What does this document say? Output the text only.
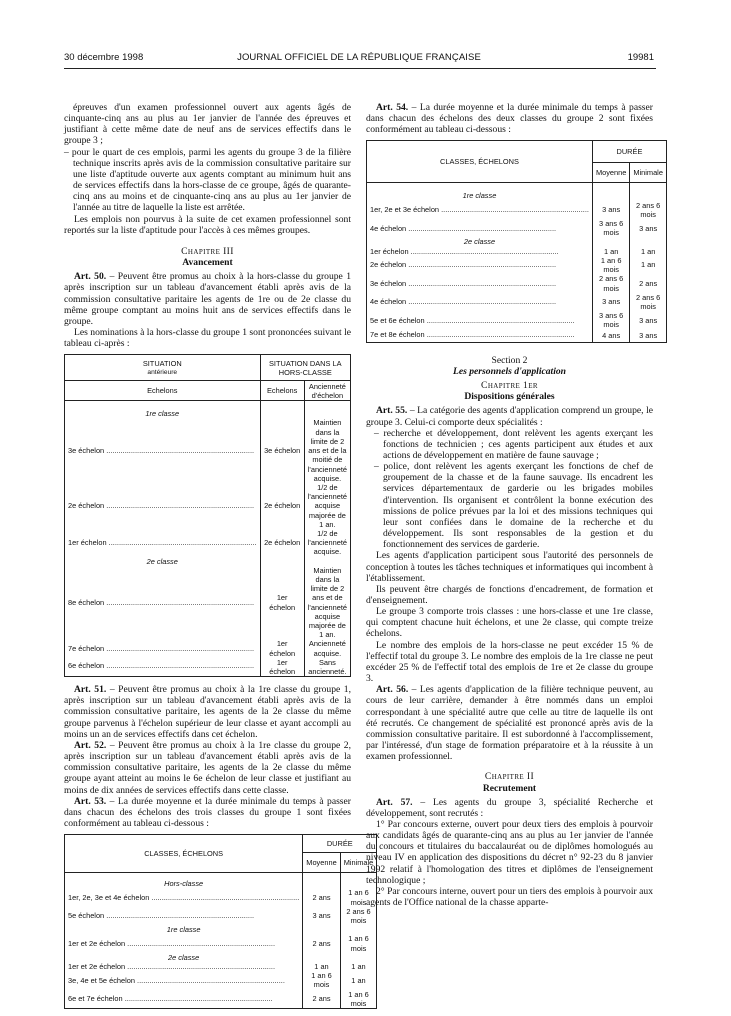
30 décembre 1998	JOURNAL OFFICIEL DE LA RÉPUBLIQUE FRANÇAISE	19981

épreuves d'un examen professionnel ouvert aux agents âgés de cinquante-cinq ans au plus au 1er janvier de l'année des épreuves et justifiant à cette même date de neuf ans de services effectifs dans le groupe 3 ;

– pour le quart de ces emplois, parmi les agents du groupe 3 de la filière technique inscrits après avis de la commission consultative paritaire sur une liste d'aptitude ouverte aux agents comptant au minimum huit ans de services effectifs dans la hors-classe de ce groupe, âgés de quarante-cinq ans au moins et de cinquante-cinq ans au plus au 1er janvier de l'année au titre de laquelle la liste est arrêtée.

Les emplois non pourvus à la suite de cet examen professionnel sont reportés sur la liste d'aptitude pour l'accès à ces mêmes groupes.

Chapitre III
Avancement

Art. 50. – Peuvent être promus au choix à la hors-classe du groupe 1 après inscription sur un tableau d'avancement établi après avis de la commission consultative paritaire les agents de 1re ou de 2e classe du même groupe comptant au moins huit ans de services effectifs dans le groupe.

Les nominations à la hors-classe du groupe 1 sont prononcées suivant le tableau ci-après :

SITUATION
antérieure	SITUATION DANS LA HORS-CLASSE	
Echelons	Echelons	Ancienneté d'échelon
1re classe		
3e échelon .....	3e échelon	Maintien dans la limite de 2 ans et de la moitié de l'ancienneté acquise.
2e échelon .....	2e échelon	1/2 de l'ancienneté acquise majorée de 1 an.
1er échelon .....	2e échelon	1/2 de l'ancienneté acquise.
2e classe		
8e échelon .....	1er échelon	Maintien dans la limite de 2 ans et de l'ancienneté acquise majorée de 1 an.
7e échelon .....	1er échelon	Ancienneté acquise.
6e échelon .....	1er échelon	Sans ancienneté.

Art. 51. – Peuvent être promus au choix à la 1re classe du groupe 1, après inscription sur un tableau d'avancement établi après avis de la commission consultative paritaire, les agents de la 2e classe du même groupe parvenus à l'échelon supérieur de leur classe et ayant accompli au moins un an de services effectifs dans cet échelon.

Art. 52. – Peuvent être promus au choix à la 1re classe du groupe 2, après inscription sur un tableau d'avancement établi après avis de la commission consultative paritaire, les agents de la 2e classe du même groupe ayant atteint au moins le 6e échelon de leur classe et justifiant au moins de dix années de services effectifs dans cette classe.

Art. 53. – La durée moyenne et la durée minimale du temps à passer dans chacun des échelons des trois classes du groupe 1 sont fixées conformément au tableau ci-dessous :

CLASSES, ÉCHELONS	DURÉE	
	Moyenne	Minimale
Hors-classe		
1er, 2e, 3e et 4e échelon .....	2 ans	1 an 6 mois
5e échelon .....	3 ans	2 ans 6 mois
1re classe		
1er et 2e échelon .....	2 ans	1 an 6 mois
2e classe		
1er et 2e échelon .....	1 an	1 an
3e, 4e et 5e échelon .....	1 an 6 mois	1 an
6e et 7e échelon .....	2 ans	1 an 6 mois

Art. 54. – La durée moyenne et la durée minimale du temps à passer dans chacun des échelons des deux classes du groupe 2 sont fixées conformément au tableau ci-dessous :

CLASSES, ÉCHELONS	DURÉE	
	Moyenne	Minimale
1re classe		
1er, 2e et 3e échelon .....	3 ans	2 ans 6 mois
4e échelon .....	3 ans 6 mois	3 ans
2e classe		
1er échelon .....	1 an	1 an
2e échelon .....	1 an 6 mois	1 an
3e échelon .....	2 ans 6 mois	2 ans
4e échelon .....	3 ans	2 ans 6 mois
5e et 6e échelon .....	3 ans 6 mois	3 ans
7e et 8e échelon .....	4 ans	3 ans
Section 2
Les personnels d'application
Chapitre 1er
Dispositions générales

Art. 55. – La catégorie des agents d'application comprend un groupe, le groupe 3. Celui-ci comporte deux spécialités :

– recherche et développement, dont relèvent les agents exerçant les fonctions de technicien ; ces agents participent aux études et aux actions de développement en matière de faune sauvage ;

– police, dont relèvent les agents exerçant les fonctions de chef de groupement de la chasse et de la faune sauvage. Ils encadrent les services départementaux de garderie ou les brigades mobiles d'intervention. Ils organisent et contrôlent la bonne exécution des missions de police prévues par la loi et des missions techniques qui leur sont confiées dans le domaine de la recherche et du développement. Ils sont responsables de la gestion et du fonctionnement des services de garderie.

Les agents d'application participent sous l'autorité des personnels de conception à toutes les tâches techniques et informatiques qui incombent à l'établissement.

Ils peuvent être chargés de fonctions d'encadrement, de formation et d'enseignement.

Le groupe 3 comporte trois classes : une hors-classe et une 1re classe, qui comptent chacune huit échelons, et une 2e classe, qui compte treize échelons.

Le nombre des emplois de la hors-classe ne peut excéder 15 % de l'effectif total du groupe 3. Le nombre des emplois de la 1re classe ne peut excéder 25 % de l'effectif total des emplois de 1re et 2e classe du groupe 3.

Art. 56. – Les agents d'application de la filière technique peuvent, au cours de leur carrière, demander à être nommés dans un emploi correspondant à une spécialité autre que celle au titre de laquelle ils ont été recrutés. Ce changement de spécialité est prononcé après avis de la commission consultative paritaire. Il est subordonné à l'accomplissement, par l'intéressé, d'un stage de formation préparatoire et à la réussite à un examen professionnel.

Chapitre II
Recrutement

Art. 57. – Les agents du groupe 3, spécialité Recherche et développement, sont recrutés :

1° Par concours externe, ouvert pour deux tiers des emplois à pourvoir aux candidats âgés de quarante-cinq ans au plus au 1er janvier de l'année du concours et titulaires du baccalauréat ou de diplômes homologués au niveau IV en application des dispositions du décret n° 92-23 du 8 janvier 1992 relatif à l'homologation des titres et diplômes de l'enseignement technologique ;

2° Par concours interne, ouvert pour un tiers des emplois à pourvoir aux agents de l'Office national de la chasse apparte-
